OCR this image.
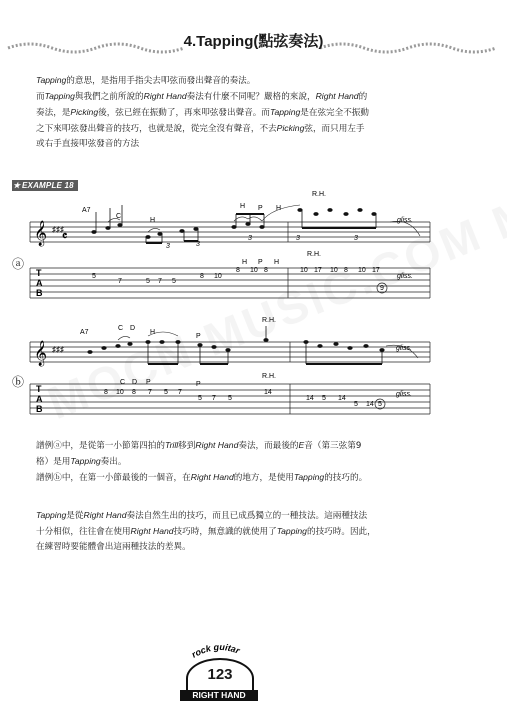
4.Tapping(點弦奏法)

Tapping的意思，是指用手指尖去叩弦而發出聲音的奏法。

而Tapping與我們之前所說的Right Hand奏法有什麼不同呢？嚴格的來說，Right Hand的

奏法，是Picking後，弦已經在振動了，再來叩弦發出聲音。而Tapping是在弦完全不振動

之下來叩弦發出聲音的技巧，也就是說，從完全沒有聲音，不去Picking弦，而只用左手

或右手直接叩弦發音的方法

★ EXAMPLE 18
𝄞 ♯♯♯
𝄴
ⓐ
T
A
B
A7
R.H.
gliss.
gliss.
C
H
H P H
H P H
R.H.
3	3
3	3	3
5
7	5 7 5
8 10
8 10 8	10 17 10 8 10 17
9
𝄞 ♯♯♯
ⓑ T
A
B
A7
R.H.
R.H.
gliss.
gliss.
C D
H
P
C D P	P
8 10 8 7 5 7
5 7 5
14
14 5 14
5 14 5

譜例ⓐ中，是從第一小節第四拍的Trill移到Right Hand奏法，而最後的E音（第三弦第9

格）是用Tapping奏出。

譜例ⓑ中，在第一小節最後的一個音，在Right Hand的地方，是使用Tapping的技巧的。

Tapping是從Right Hand奏法自然生出的技巧，而且已成爲獨立的一種技法。這兩種技法

十分相似，往往會在使用Right Hand技巧時，無意識的就使用了Tapping的技巧時。因此，

在練習時要能體會出這兩種技法的差異。

rock guitar
123
RIGHT HAND
